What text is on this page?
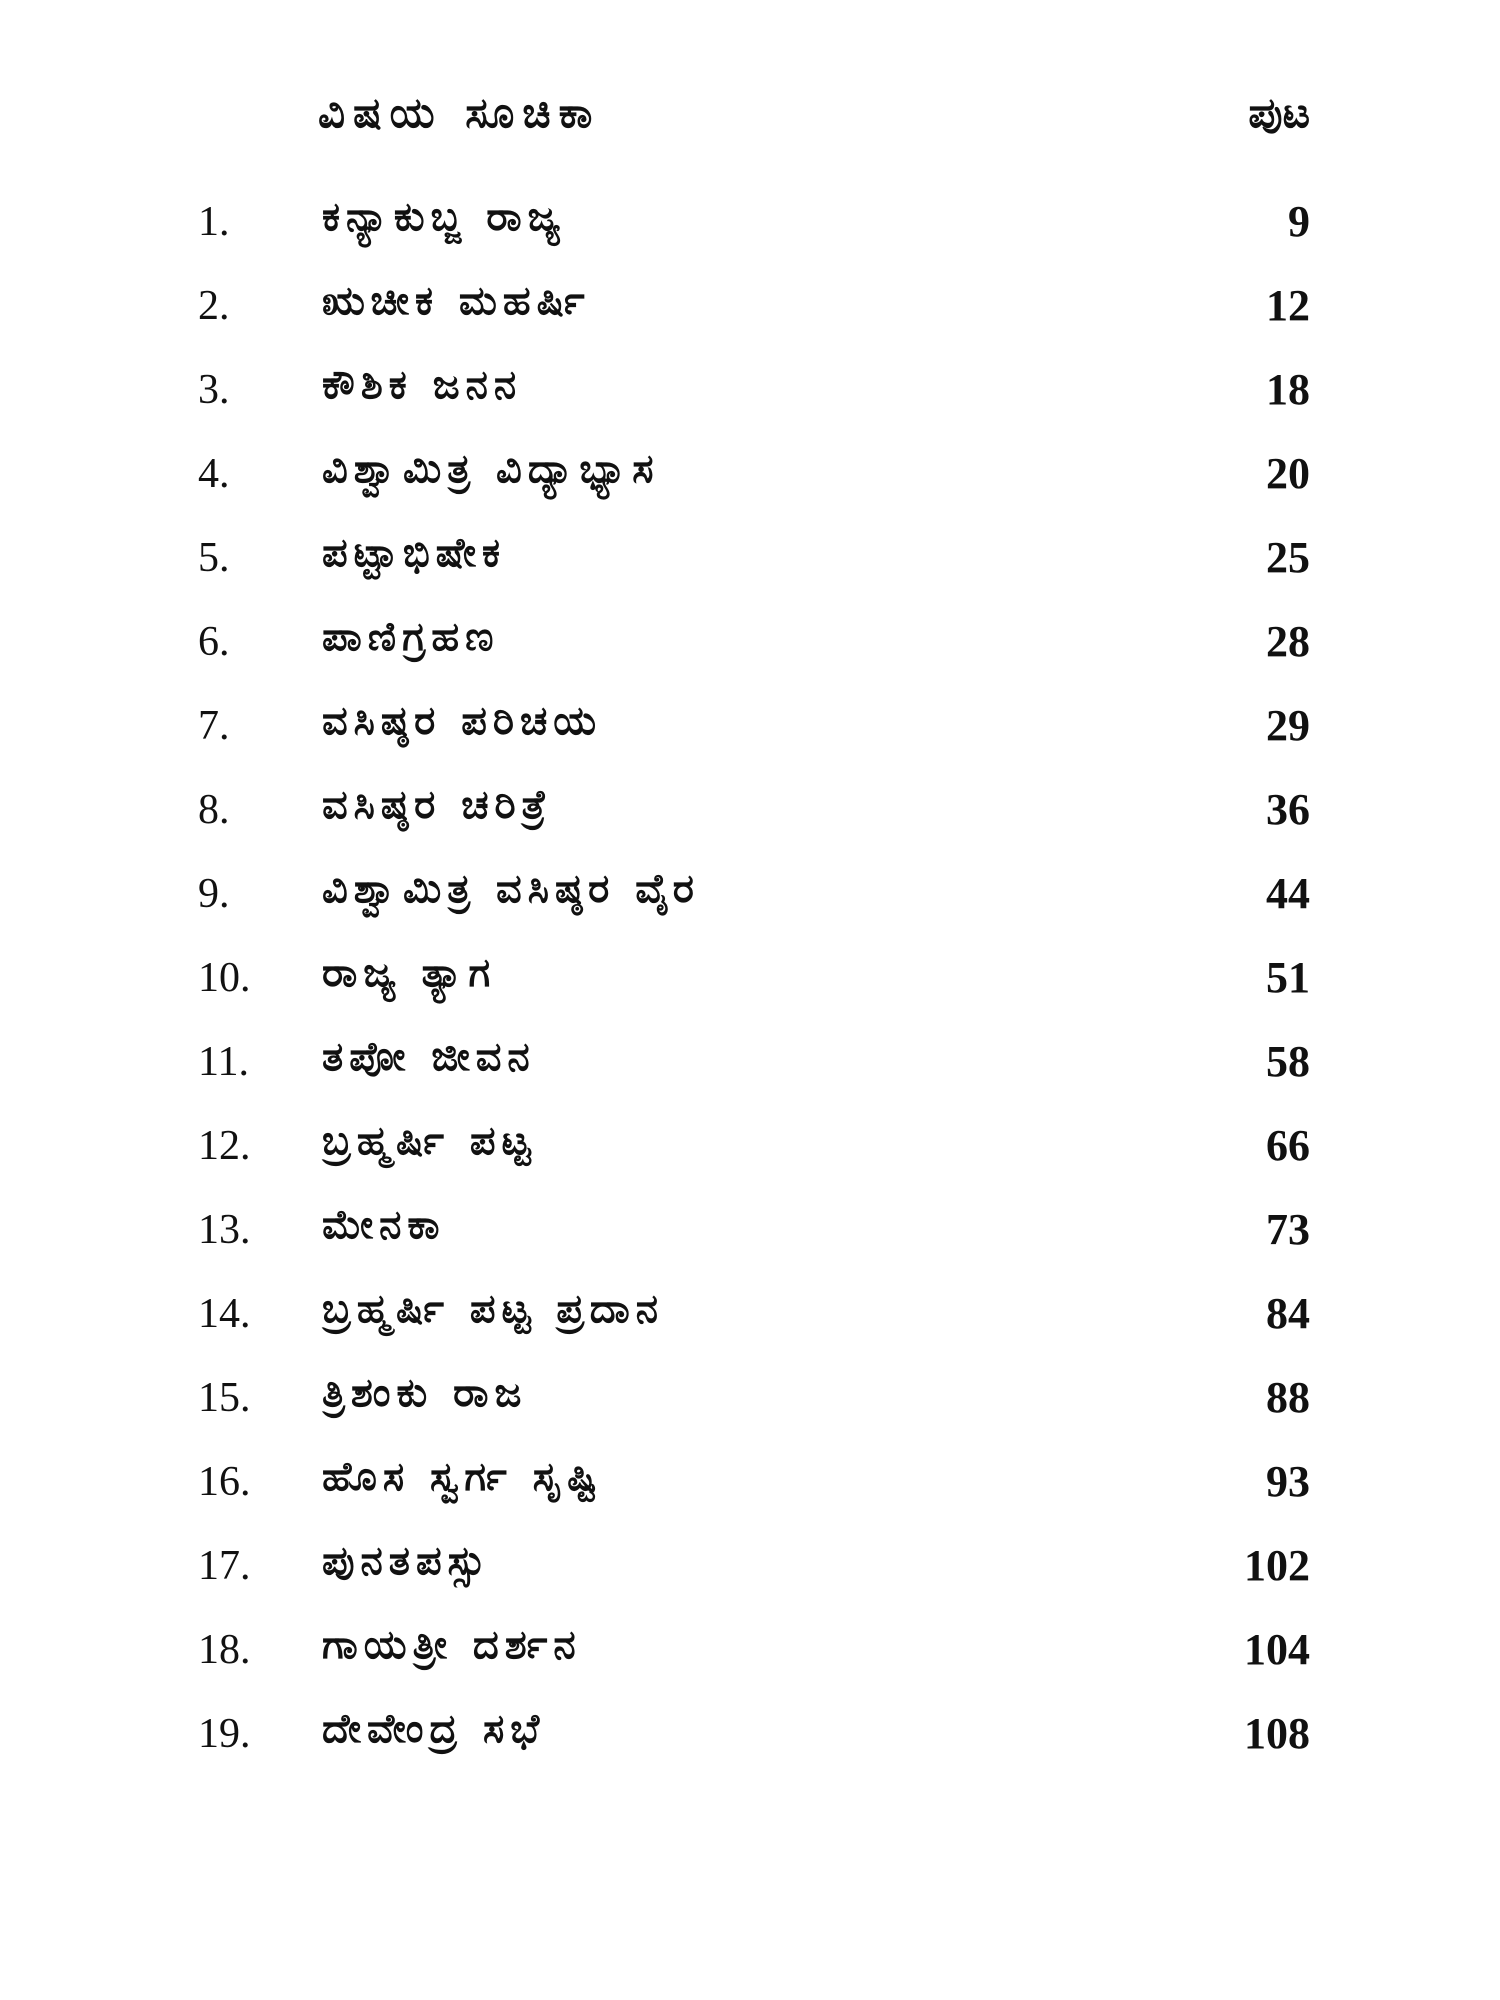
ವಿಷಯ ಸೂಚಿಕಾ	ಪುಟ
1. ಕನ್ಯಾಕುಬ್ಜ ರಾಜ್ಯ	9
2. ಋಚೀಕ ಮಹರ್ಷಿ	12
3. ಕೌಶಿಕ ಜನನ	18
4. ವಿಶ್ವಾಮಿತ್ರ ವಿದ್ಯಾಭ್ಯಾಸ	20
5. ಪಟ್ಟಾಭಿಷೇಕ	25
6. ಪಾಣಿಗ್ರಹಣ	28
7. ವಸಿಷ್ಠರ ಪರಿಚಯ	29
8. ವಸಿಷ್ಠರ ಚರಿತ್ರೆ	36
9. ವಿಶ್ವಾಮಿತ್ರ ವಸಿಷ್ಠರ ವೈರ	44
10. ರಾಜ್ಯ ತ್ಯಾಗ	51
11. ತಪೋ ಜೀವನ	58
12. ಬ್ರಹ್ಮರ್ಷಿ ಪಟ್ಟ	66
13. ಮೇನಕಾ	73
14. ಬ್ರಹ್ಮರ್ಷಿ ಪಟ್ಟ ಪ್ರದಾನ	84
15. ತ್ರಿಶಂಕು ರಾಜ	88
16. ಹೊಸ ಸ್ವರ್ಗ ಸೃಷ್ಟಿ	93
17. ಪುನತಪಸ್ಸು	102
18. ಗಾಯತ್ರೀ ದರ್ಶನ	104
19. ದೇವೇಂದ್ರ ಸಭೆ	108
